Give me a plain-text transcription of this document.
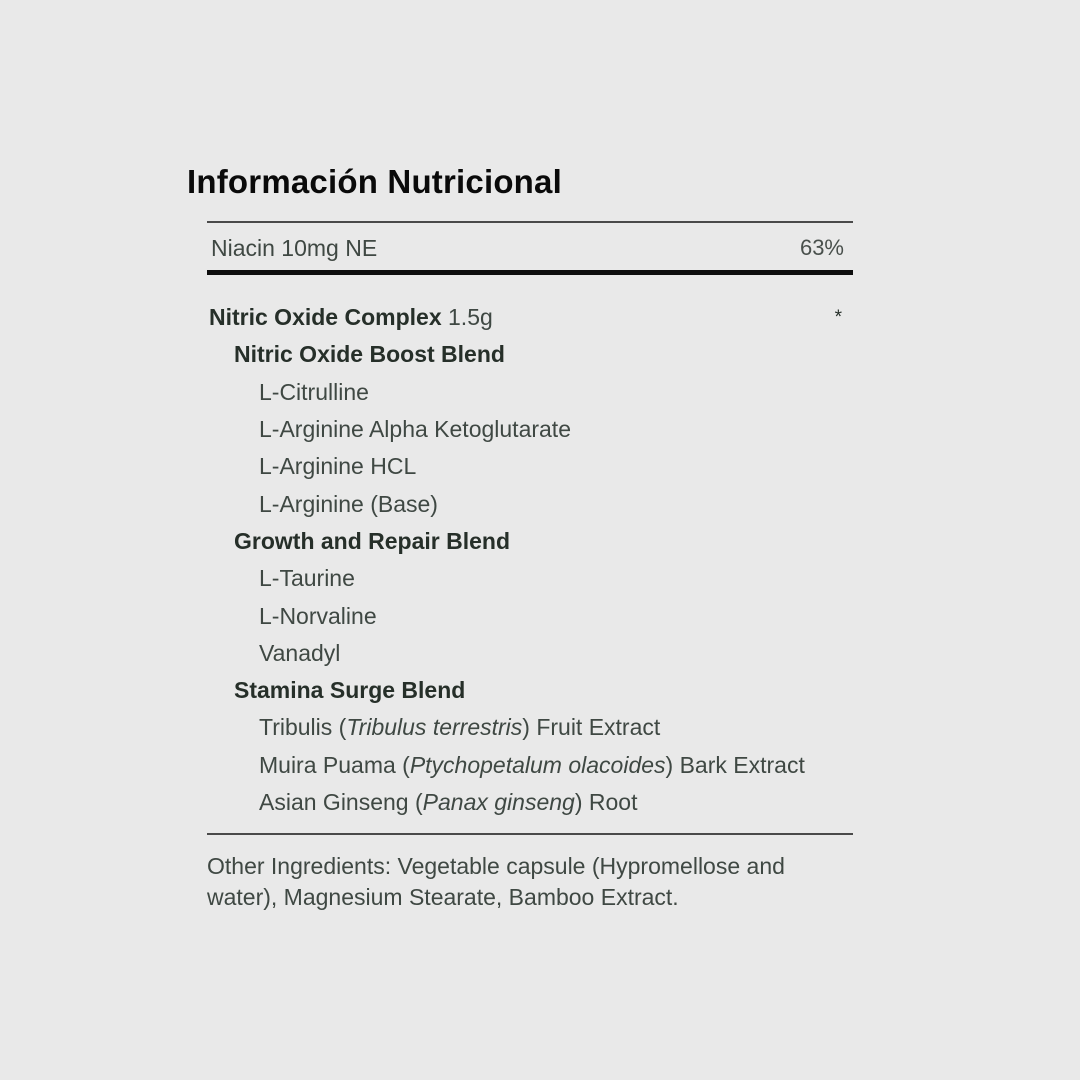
Información Nutricional
Niacin 10mg NE	63%
Nitric Oxide Complex 1.5g	*
Nitric Oxide Boost Blend
L-Citrulline
L-Arginine Alpha Ketoglutarate
L-Arginine HCL
L-Arginine (Base)
Growth and Repair Blend
L-Taurine
L-Norvaline
Vanadyl
Stamina Surge Blend
Tribulis (Tribulus terrestris) Fruit Extract
Muira Puama (Ptychopetalum olacoides) Bark Extract
Asian Ginseng (Panax ginseng) Root

Other Ingredients: Vegetable capsule (Hypromellose and water), Magnesium Stearate, Bamboo Extract.
